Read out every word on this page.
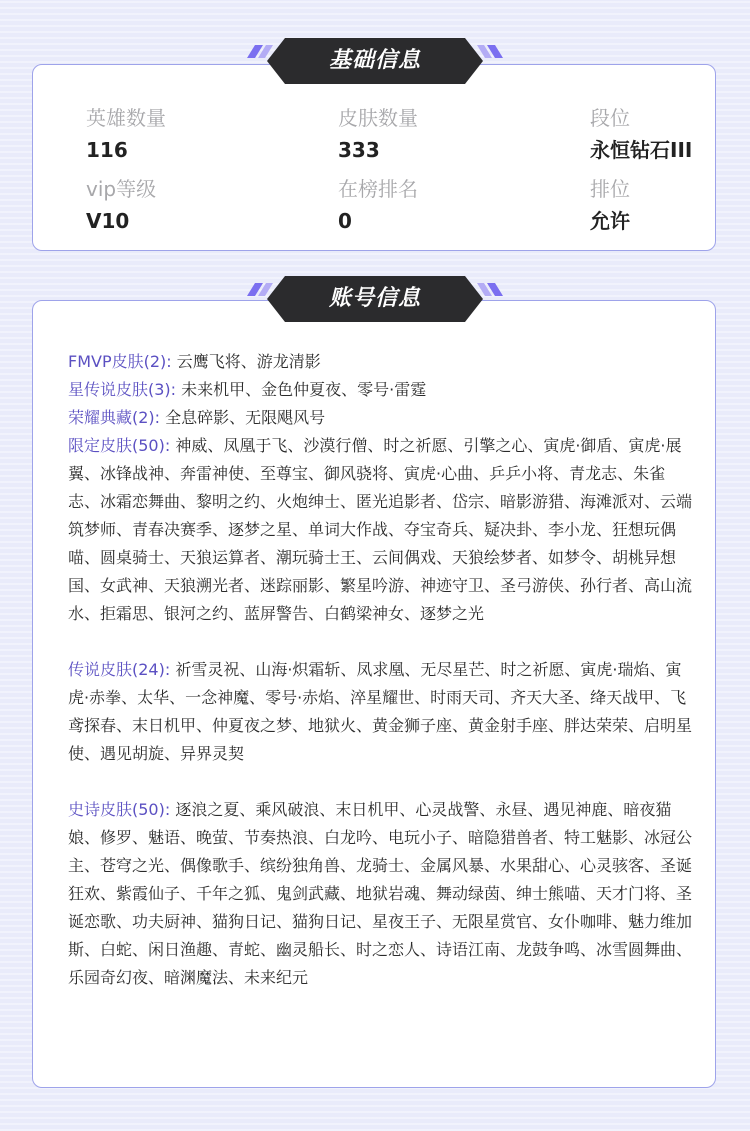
英雄数量
116
皮肤数量
333
段位
永恒钻石III
vip等级
V10
在榜排名
0
排位
允许
基础信息

FMVP皮肤(2): 云鹰飞将、游龙清影

星传说皮肤(3): 未来机甲、金色仲夏夜、零号·雷霆

荣耀典藏(2): 全息碎影、无限飓风号

限定皮肤(50): 神威、凤凰于飞、沙漠行僧、时之祈愿、引擎之心、寅虎·御盾、寅虎·展翼、冰锋战神、奔雷神使、至尊宝、御风骁将、寅虎·心曲、乒乒小将、青龙志、朱雀志、冰霜恋舞曲、黎明之约、火炮绅士、匿光追影者、岱宗、暗影游猎、海滩派对、云端筑梦师、青春决赛季、逐梦之星、单词大作战、夺宝奇兵、疑决卦、李小龙、狂想玩偶喵、圆桌骑士、天狼运算者、潮玩骑士王、云间偶戏、天狼绘梦者、如梦令、胡桃异想国、女武神、天狼溯光者、迷踪丽影、繁星吟游、神迹守卫、圣弓游侠、孙行者、高山流水、拒霜思、银河之约、蓝屏警告、白鹤梁神女、逐梦之光

传说皮肤(24): 祈雪灵祝、山海·炽霜斩、凤求凰、无尽星芒、时之祈愿、寅虎·瑞焰、寅虎·赤拳、太华、一念神魔、零号·赤焰、淬星耀世、时雨天司、齐天大圣、绛天战甲、飞鸢探春、末日机甲、仲夏夜之梦、地狱火、黄金狮子座、黄金射手座、胖达荣荣、启明星使、遇见胡旋、异界灵契

史诗皮肤(50): 逐浪之夏、乘风破浪、末日机甲、心灵战警、永昼、遇见神鹿、暗夜猫娘、修罗、魅语、晚萤、节奏热浪、白龙吟、电玩小子、暗隐猎兽者、特工魅影、冰冠公主、苍穹之光、偶像歌手、缤纷独角兽、龙骑士、金属风暴、水果甜心、心灵骇客、圣诞狂欢、紫霞仙子、千年之狐、鬼剑武藏、地狱岩魂、舞动绿茵、绅士熊喵、天才门将、圣诞恋歌、功夫厨神、猫狗日记、猫狗日记、星夜王子、无限星赏官、女仆咖啡、魅力维加斯、白蛇、闲日渔趣、青蛇、幽灵船长、时之恋人、诗语江南、龙鼓争鸣、冰雪圆舞曲、乐园奇幻夜、暗渊魔法、未来纪元

账号信息
